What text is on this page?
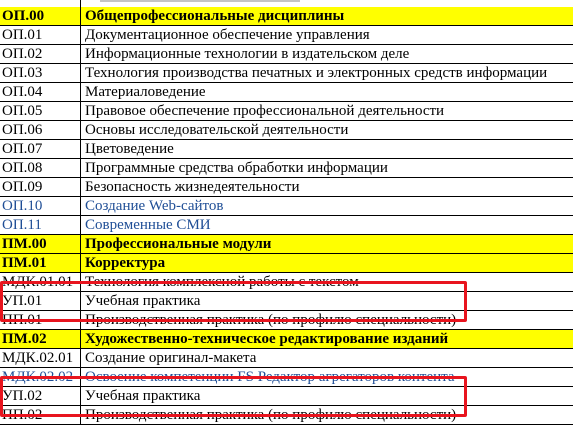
ОП.00	Общепрофессиональные дисциплины
ОП.01	Документационное обеспечение управления
ОП.02	Информационные технологии в издательском деле
ОП.03	Технология производства печатных и электронных средств информации
ОП.04	Материаловедение
ОП.05	Правовое обеспечение профессиональной деятельности
ОП.06	Основы исследовательской деятельности
ОП.07	Цветоведение
ОП.08	Программные средства обработки информации
ОП.09	Безопасность жизнедеятельности
ОП.10	Создание Web-сайтов
ОП.11	Современные СМИ
ПМ.00	Профессиональные модули
ПМ.01	Корректура
МДК.01.01 Технология комплексной работы с текстом
УП.01	Учебная практика
ПП.01	Производственная практика (по профилю специальности)
ПМ.02	Художественно-техническое редактирование изданий
МДК.02.01 Создание оригинал-макета
МДК.02.02 Освоение компетенции FS Редактор агрегаторов контента
УП.02	Учебная практика
ПП.02	Производственная практика (по профилю специальности)
